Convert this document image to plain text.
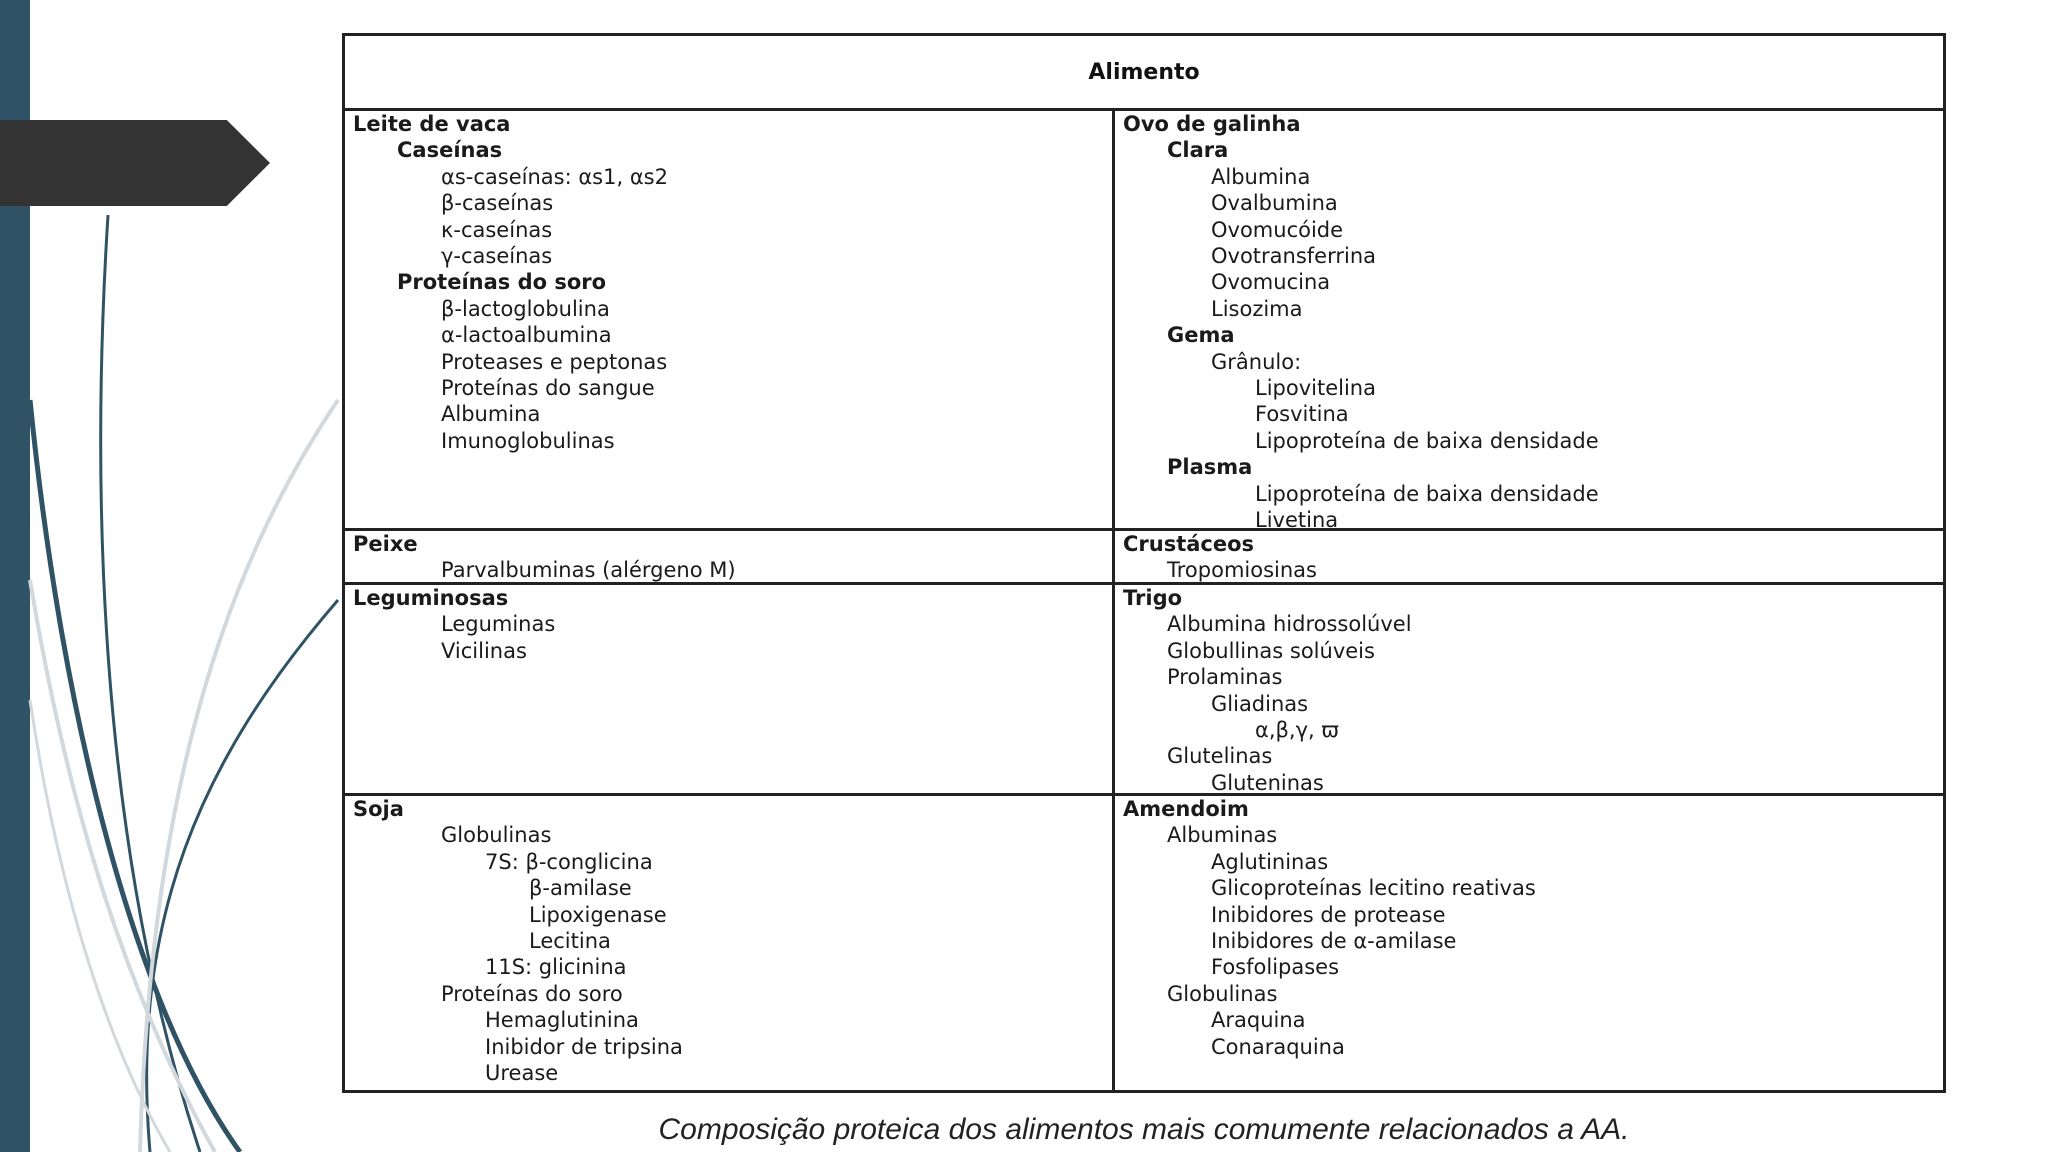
Alimento
Leite de vaca
Caseínas
αs-caseínas: αs1, αs2
β-caseínas
κ-caseínas
γ-caseínas
Proteínas do soro
β-lactoglobulina
α-lactoalbumina
Proteases e peptonas
Proteínas do sangue
Albumina
Imunoglobulinas
Ovo de galinha
Clara
Albumina
Ovalbumina
Ovomucóide
Ovotransferrina
Ovomucina
Lisozima
Gema
Grânulo:
Lipovitelina
Fosvitina
Lipoproteína de baixa densidade
Plasma
Lipoproteína de baixa densidade
Livetina
Peixe
Parvalbuminas (alérgeno M)
Crustáceos
Tropomiosinas
Leguminosas
Leguminas
Vicilinas
Trigo
Albumina hidrossolúvel
Globullinas solúveis
Prolaminas
Gliadinas
α,β,γ, ϖ
Glutelinas
Gluteninas
Soja
Globulinas
7S: β-conglicina
β-amilase
Lipoxigenase
Lecitina
11S: glicinina
Proteínas do soro
Hemaglutinina
Inibidor de tripsina
Urease
Amendoim
Albuminas
Aglutininas
Glicoproteínas lecitino reativas
Inibidores de protease
Inibidores de α-amilase
Fosfolipases
Globulinas
Araquina
Conaraquina
Composição proteica dos alimentos mais comumente relacionados a AA.
